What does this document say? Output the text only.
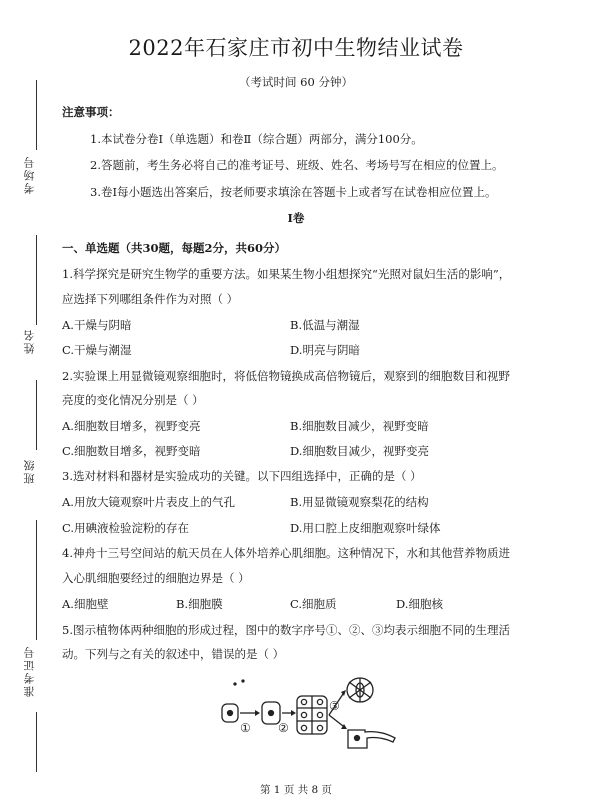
考场号
姓名
班级
准考证号
2022年石家庄市初中生物结业试卷
（考试时间 60 分钟）
注意事项：
1.本试卷分卷Ⅰ（单选题）和卷Ⅱ（综合题）两部分，满分100分。
2.答题前，考生务必将自己的准考证号、班级、姓名、考场号写在相应的位置上。
3.卷Ⅰ每小题选出答案后，按老师要求填涂在答题卡上或者写在试卷相应位置上。
Ⅰ卷
一、单选题（共30题，每题2分，共60分）
1.科学探究是研究生物学的重要方法。如果某生物小组想探究“光照对鼠妇生活的影响”，
应选择下列哪组条件作为对照（ ）
A.干燥与阴暗	B.低温与潮湿
C.干燥与潮湿	D.明亮与阴暗
2.实验课上用显微镜观察细胞时，将低倍物镜换成高倍物镜后，观察到的细胞数目和视野
亮度的变化情况分别是（ ）
A.细胞数目增多，视野变亮	B.细胞数目减少，视野变暗
C.细胞数目增多，视野变暗	D.细胞数目减少，视野变亮
3.选对材料和器材是实验成功的关键。以下四组选择中，正确的是（ ）
A.用放大镜观察叶片表皮上的气孔	B.用显微镜观察梨花的结构
C.用碘液检验淀粉的存在	D.用口腔上皮细胞观察叶绿体
4.神舟十三号空间站的航天员在人体外培养心肌细胞。这种情况下，水和其他营养物质进
入心肌细胞要经过的细胞边界是（ ）
A.细胞壁	B.细胞膜	C.细胞质	D.细胞核
5.图示植物体两种细胞的形成过程，图中的数字序号①、②、③均表示细胞不同的生理活
动。下列与之有关的叙述中，错误的是（ ）
① ②
③
第 1 页 共 8 页
